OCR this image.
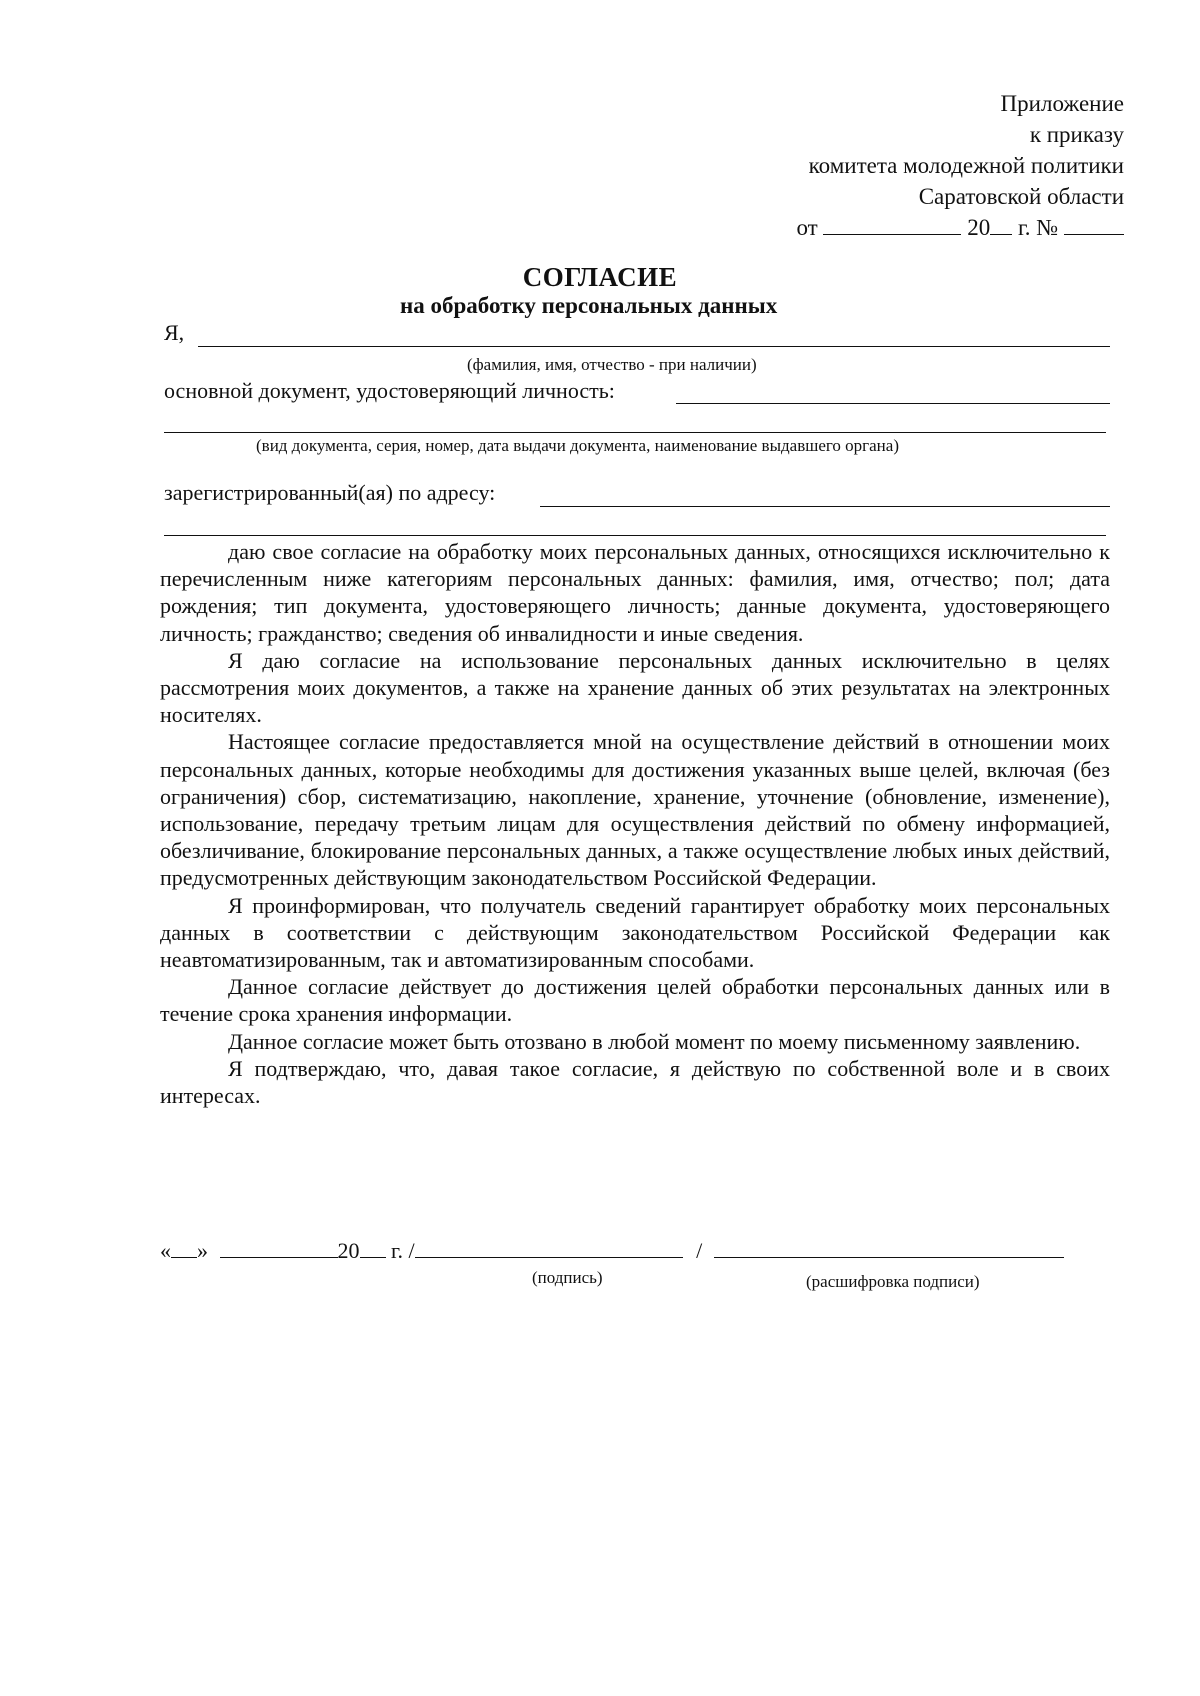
Приложение
к приказу
комитета молодежной политики
Саратовской области
от	20 г. №
СОГЛАСИЕ
на обработку персональных данных
Я,
(фамилия, имя, отчество - при наличии)
основной документ, удостоверяющий личность:
(вид документа, серия, номер, дата выдачи документа, наименование выдавшего органа)
зарегистрированный(ая) по адресу:

даю свое согласие на обработку моих персональных данных, относящихся исключительно к перечисленным ниже категориям персональных данных: фамилия, имя, отчество; пол; дата рождения; тип документа, удостоверяющего личность; данные документа, удостоверяющего личность; гражданство; сведения об инвалидности и иные сведения.

Я даю согласие на использование персональных данных исключительно в целях рассмотрения моих документов, а также на хранение данных об этих результатах на электронных носителях.

Настоящее согласие предоставляется мной на осуществление действий в отношении моих персональных данных, которые необходимы для достижения указанных выше целей, включая (без ограничения) сбор, систематизацию, накопление, хранение, уточнение (обновление, изменение), использование, передачу третьим лицам для осуществления действий по обмену информацией, обезличивание, блокирование персональных данных, а также осуществление любых иных действий, предусмотренных действующим законодательством Российской Федерации.

Я проинформирован, что получатель сведений гарантирует обработку моих персональных данных в соответствии с действующим законодательством Российской Федерации как неавтоматизированным, так и автоматизированным способами.

Данное согласие действует до достижения целей обработки персональных данных или в течение срока хранения информации.

Данное согласие может быть отозвано в любой момент по моему письменному заявлению.

Я подтверждаю, что, давая такое согласие, я действую по собственной воле и в своих интересах.

« »	20 г. /	/
(подпись)	(расшифровка подписи)
